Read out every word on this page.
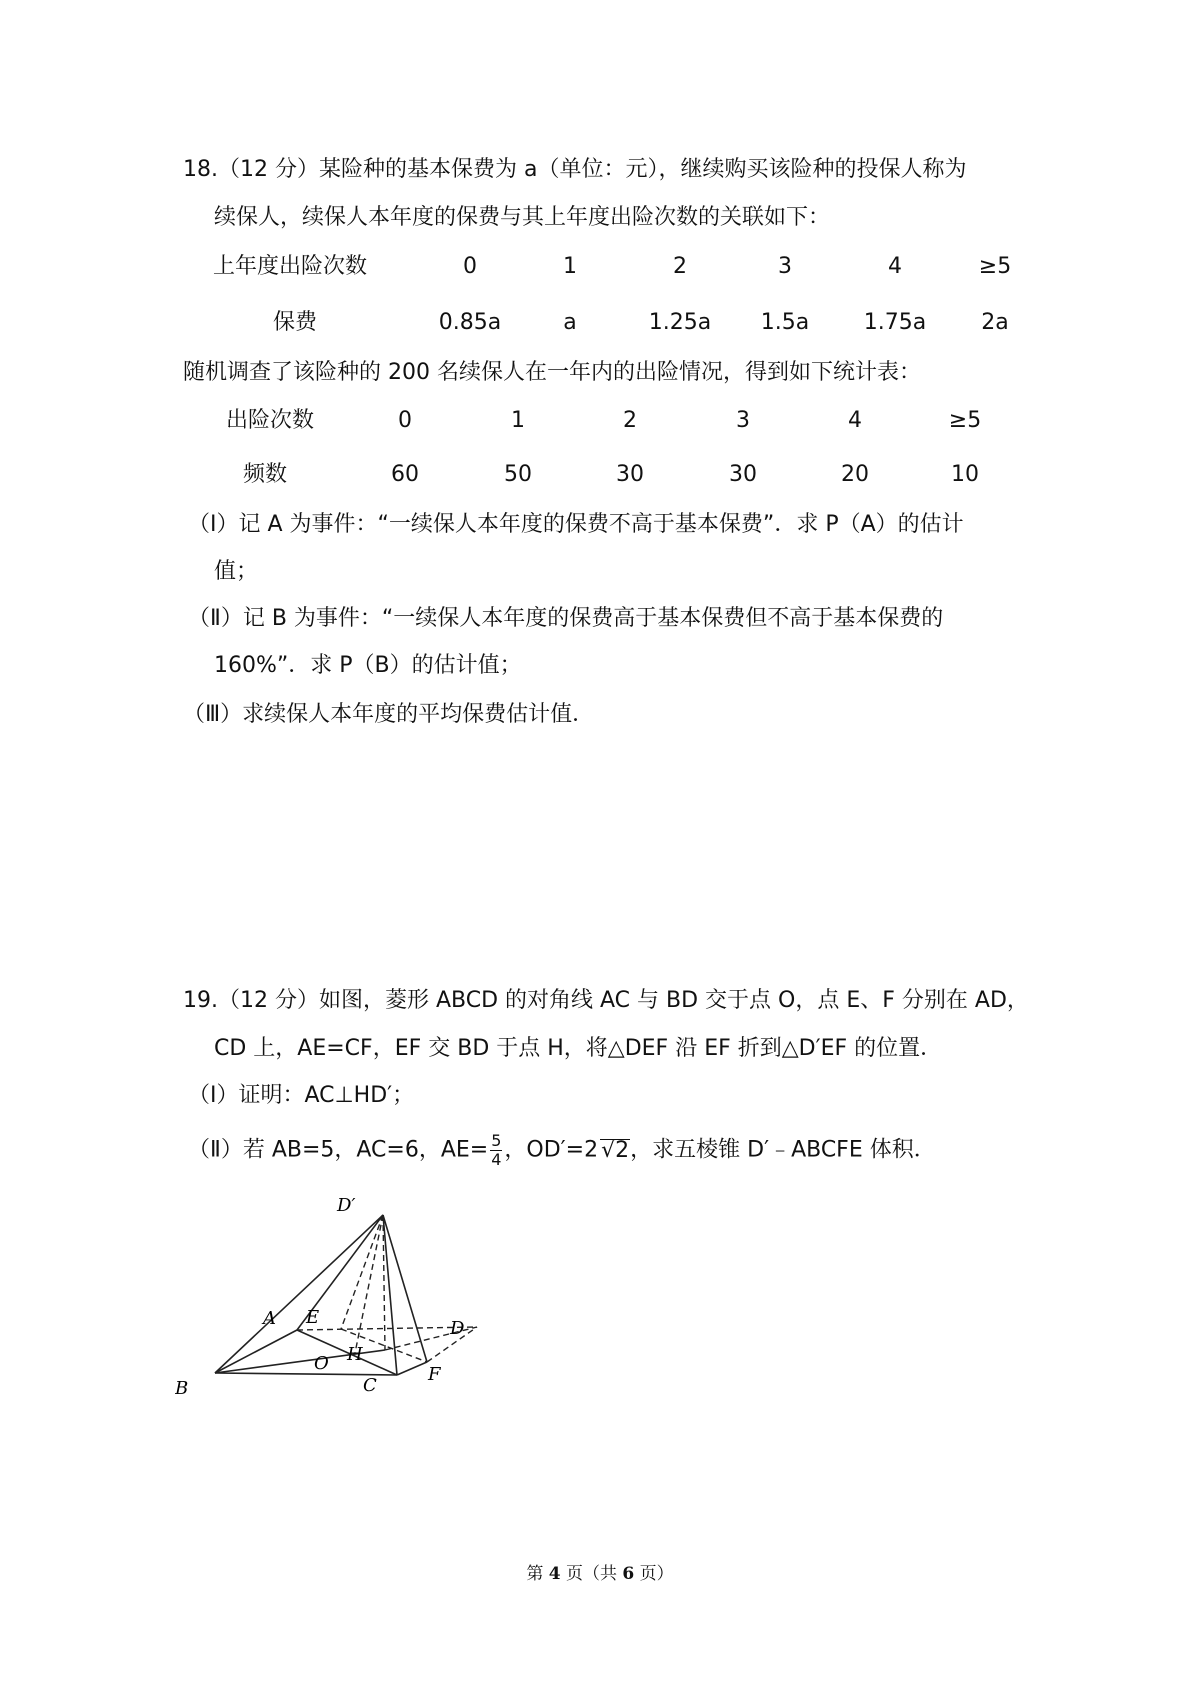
18.（12 分）某险种的基本保费为 a（单位：元），继续购买该险种的投保人称为
续保人，续保人本年度的保费与其上年度出险次数的关联如下：
上年度出险次数	0	1	2	3	4	≥5
保费	0.85a	a	1.25a	1.5a	1.75a	2a
随机调查了该险种的 200 名续保人在一年内的出险情况，得到如下统计表：
出险次数	0	1	2	3	4	≥5
频数	60	50	30	30	20	10
（Ⅰ）记 A 为事件：“一续保人本年度的保费不高于基本保费”．求 P（A）的估计
值；
（Ⅱ）记 B 为事件：“一续保人本年度的保费高于基本保费但不高于基本保费的
160%”．求 P（B）的估计值；
（Ⅲ）求续保人本年度的平均保费估计值．
19.（12 分）如图，菱形 ABCD 的对角线 AC 与 BD 交于点 O，点 E、F 分别在 AD，
CD 上，AE=CF，EF 交 BD 于点 H，将△DEF 沿 EF 折到△D′EF 的位置．
（Ⅰ）证明：AC⊥HD′；
（Ⅱ）若 AB=5，AC=6，$AE= \frac{5}{4}$ ，OD′=2 √2，求五棱锥 D′﹣ABCFE 体积．
D′
A E
D
O H
B	C
F
第 4 页（共 6 页）
